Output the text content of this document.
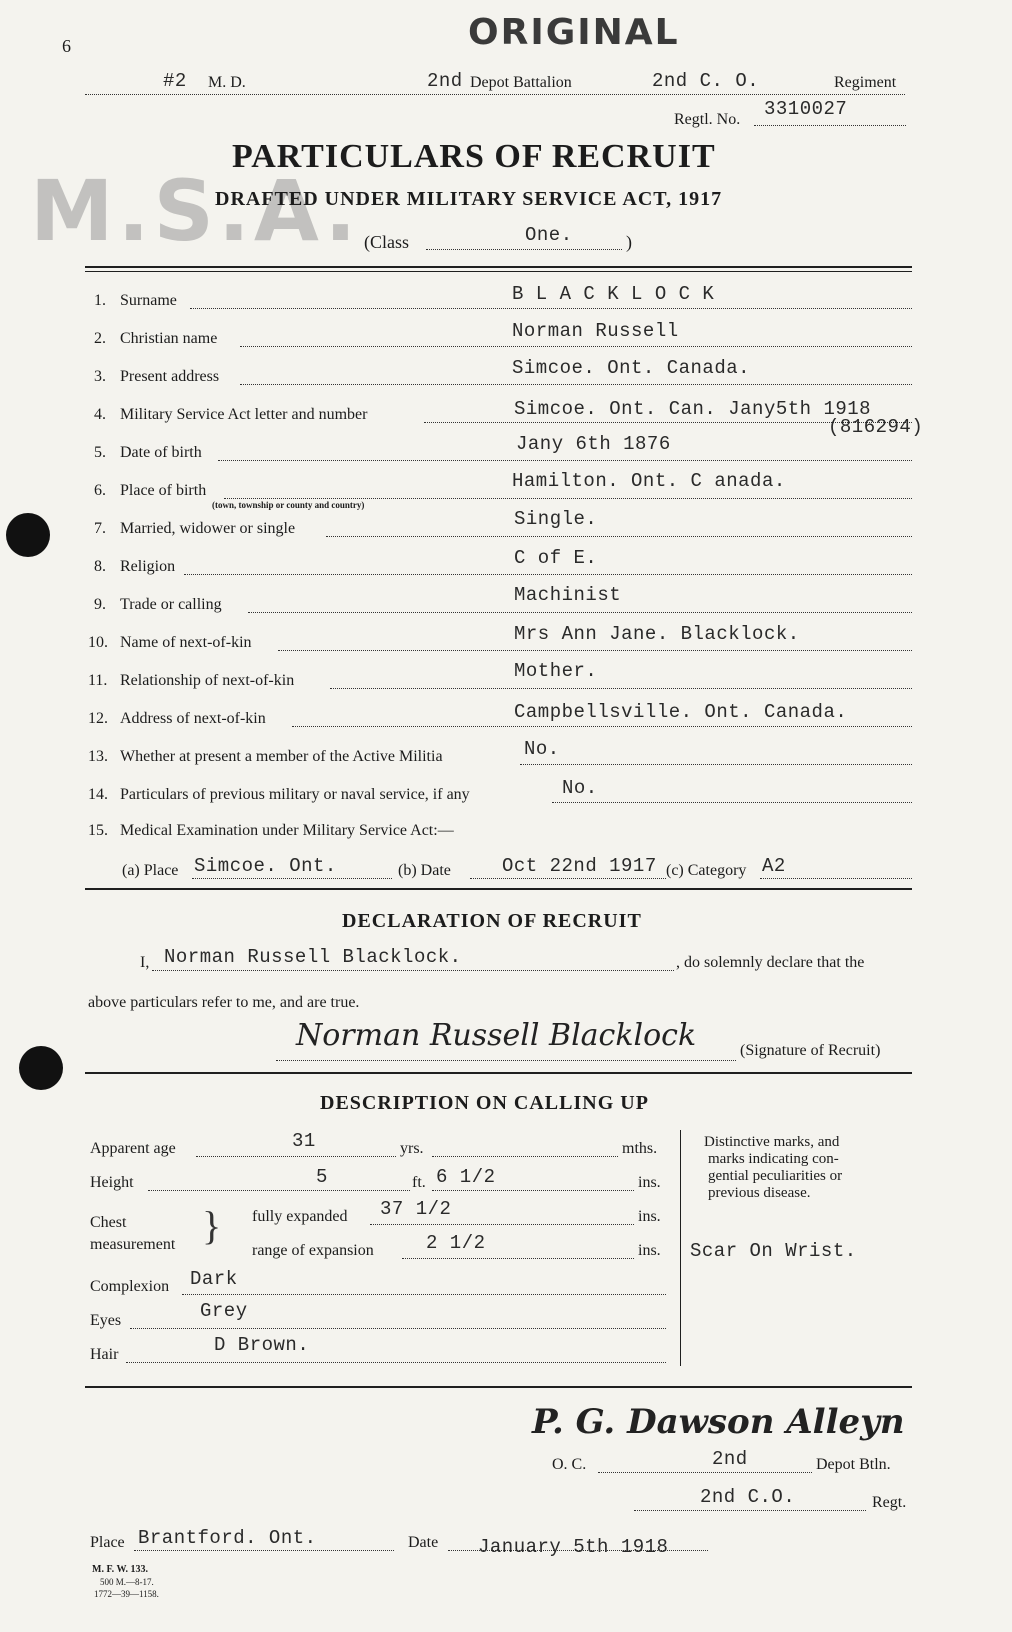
6	ORIGINAL
#2 M. D.	2nd Depot Battalion	2nd C. O.	Regiment
3310027
Regtl. No.
M.S.A.
PARTICULARS OF RECRUIT
DRAFTED UNDER MILITARY SERVICE ACT, 1917
(Class	One.	)
1. Surname	B L A C K L O C K
2. Christian name	Norman Russell
3. Present address	Simcoe. Ont. Canada.
4. Military Service Act letter and number	Simcoe. Ont. Can. Jany5th 1918
(816294)
5. Date of birth	Jany 6th 1876
6. Place of birth
(town, township or county and country)
Hamilton. Ont. C anada.
7. Married, widower or single	Single.
8. Religion	C of E.
9. Trade or calling	Machinist
10. Name of next-of-kin	Mrs Ann Jane. Blacklock.
11. Relationship of next-of-kin	Mother.
12. Address of next-of-kin	Campbellsville. Ont. Canada.
13. Whether at present a member of the Active Militia	No.
14. Particulars of previous military or naval service, if any	No.
15. Medical Examination under Military Service Act:—
(a) Place Simcoe. Ont.	(b) Date	Oct 22nd 1917 (c) Category A2
DECLARATION OF RECRUIT
I, Norman Russell Blacklock.	, do solemnly declare that the
above particulars refer to me, and are true.
Norman Russell Blacklock	(Signature of Recruit)
DESCRIPTION ON CALLING UP
Apparent age	31	yrs.	mths.
Height	5	ft. 6 1/2	ins.
Chest
measurement } fully expanded 37 1/2	ins.
range of expansion	2 1/2	ins.
Complexion Dark
Eyes	Grey
Hair	D Brown.
Distinctive marks, and
marks indicating con-
gential peculiarities or
previous disease.
Scar On Wrist.
P. G. Dawson Alleyn
O. C.	2nd	Depot Btln.
2nd C.O.	Regt.
Place Brantford. Ont.	Date January 5th 1918
M. F. W. 133.
500 M.—8-17.
1772—39—1158.
